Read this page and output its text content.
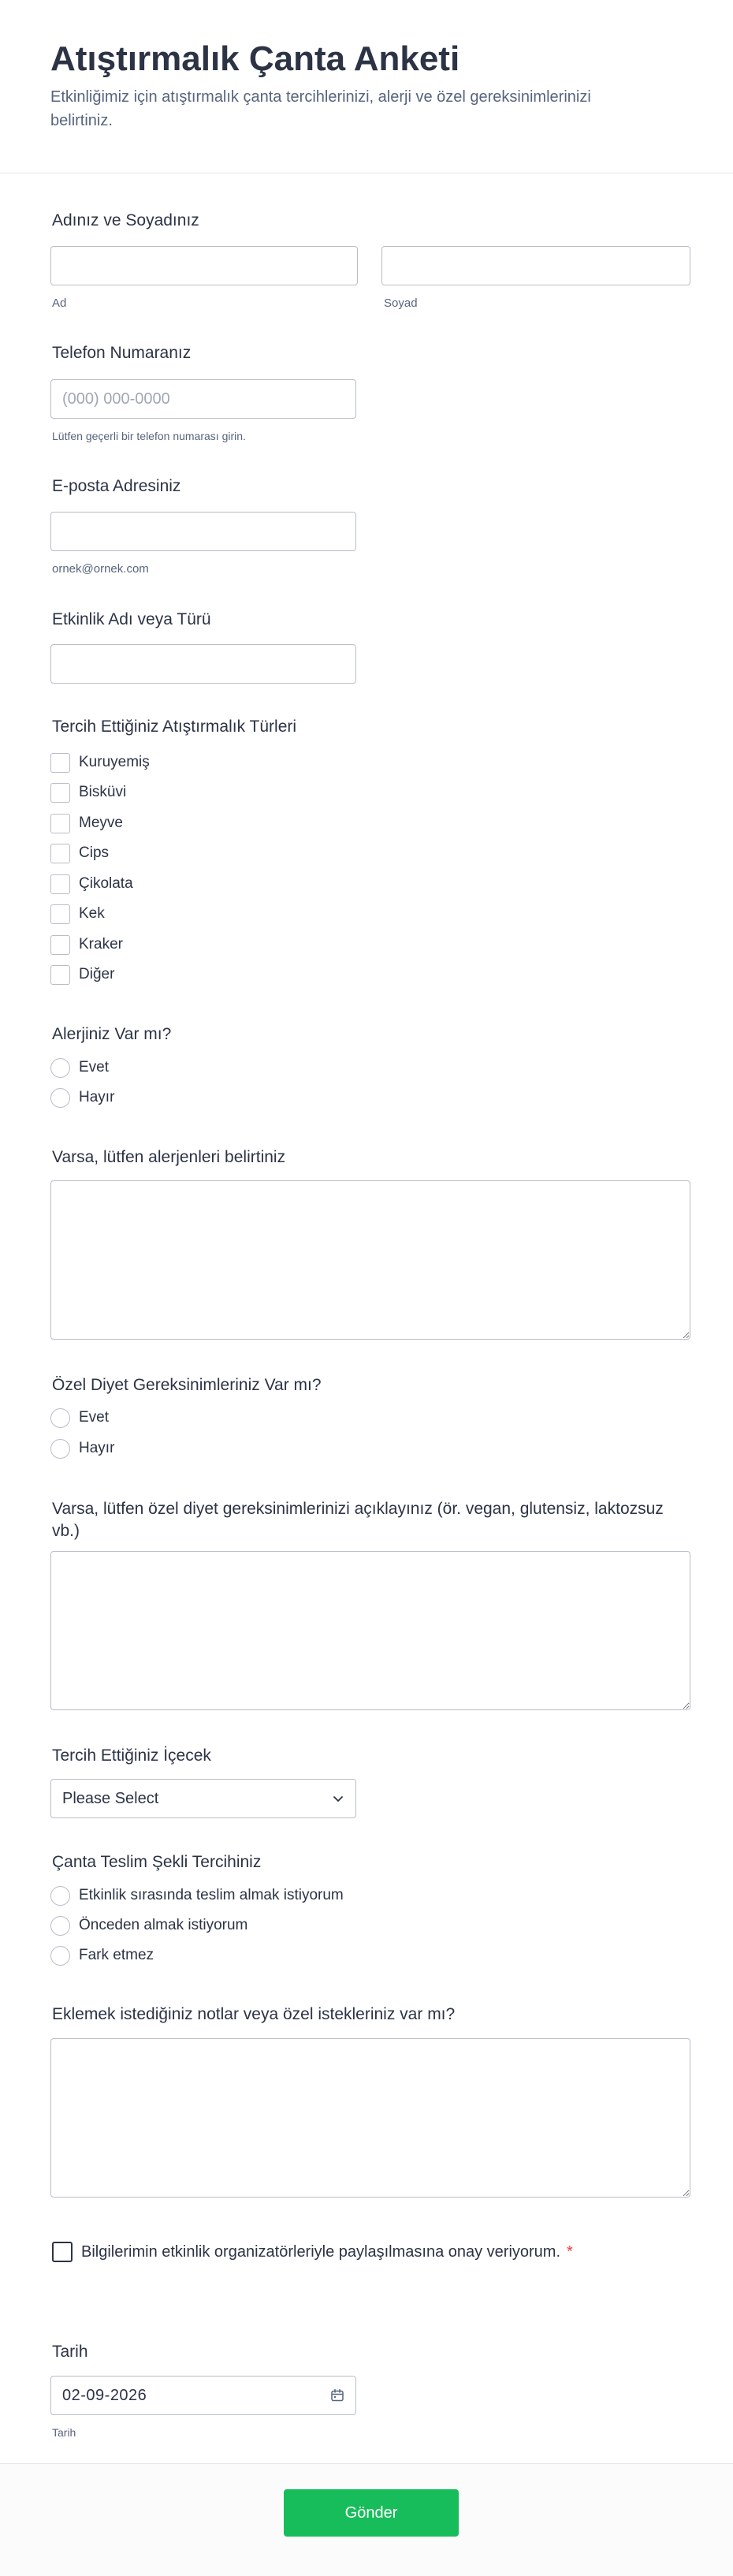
Atıştırmalık Çanta Anketi

Etkinliğimiz için atıştırmalık çanta tercihlerinizi, alerji ve özel gereksinimlerinizi belirtiniz.

Adınız ve Soyadınız
Ad	Soyad
Telefon Numaranız
(000) 000-0000
Lütfen geçerli bir telefon numarası girin.
E-posta Adresiniz
ornek@ornek.com
Etkinlik Adı veya Türü
Tercih Ettiğiniz Atıştırmalık Türleri
Kuruyemiş
Bisküvi
Meyve
Cips
Çikolata
Kek
Kraker
Diğer
Alerjiniz Var mı?
Evet
Hayır
Varsa, lütfen alerjenleri belirtiniz
Özel Diyet Gereksinimleriniz Var mı?
Evet
Hayır
Varsa, lütfen özel diyet gereksinimlerinizi açıklayınız (ör. vegan, glutensiz, laktozsuz vb.)
Tercih Ettiğiniz İçecek
Please Select
Çanta Teslim Şekli Tercihiniz
Etkinlik sırasında teslim almak istiyorum
Önceden almak istiyorum
Fark etmez
Eklemek istediğiniz notlar veya özel istekleriniz var mı?
Bilgilerimin etkinlik organizatörleriyle paylaşılmasına onay veriyorum. *
Tarih
02-09-2026
Tarih
Gönder
